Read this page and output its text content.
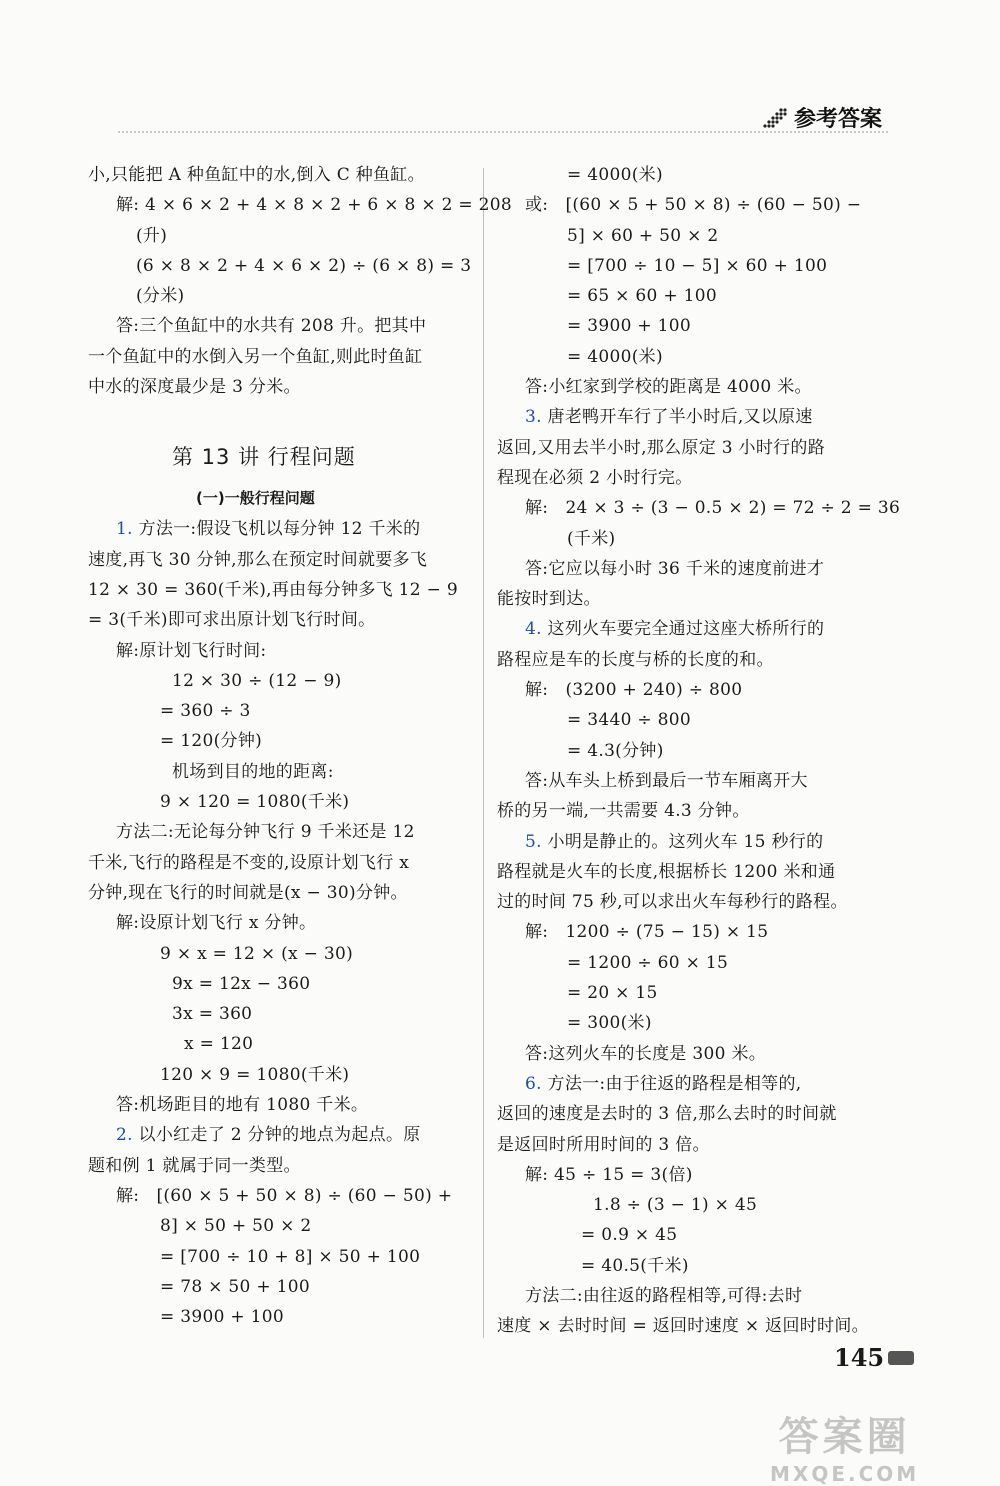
参考答案
小,只能把 A 种鱼缸中的水,倒入 C 种鱼缸。
解: 4 × 6 × 2 + 4 × 8 × 2 + 6 × 8 × 2 = 208
(升)
(6 × 8 × 2 + 4 × 6 × 2) ÷ (6 × 8) = 3
(分米)
答:三个鱼缸中的水共有 208 升。把其中
一个鱼缸中的水倒入另一个鱼缸,则此时鱼缸
中水的深度最少是 3 分米。
第 13 讲 行程问题
(一)一般行程问题
1. 方法一:假设飞机以每分钟 12 千米的
速度,再飞 30 分钟,那么在预定时间就要多飞
12 × 30 = 360(千米),再由每分钟多飞 12 − 9
= 3(千米)即可求出原计划飞行时间。
解:原计划飞行时间:
12 × 30 ÷ (12 − 9)
= 360 ÷ 3
= 120(分钟)
机场到目的地的距离:
9 × 120 = 1080(千米)
方法二:无论每分钟飞行 9 千米还是 12
千米,飞行的路程是不变的,设原计划飞行 x
分钟,现在飞行的时间就是(x − 30)分钟。
解:设原计划飞行 x 分钟。
9 × x = 12 × (x − 30)
9x = 12x − 360
3x = 360
x = 120
120 × 9 = 1080(千米)
答:机场距目的地有 1080 千米。
2. 以小红走了 2 分钟的地点为起点。原
题和例 1 就属于同一类型。
解:   [(60 × 5 + 50 × 8) ÷ (60 − 50) +
8] × 50 + 50 × 2
= [700 ÷ 10 + 8] × 50 + 100
= 78 × 50 + 100
= 3900 + 100
= 4000(米)
或:   [(60 × 5 + 50 × 8) ÷ (60 − 50) −
5] × 60 + 50 × 2
= [700 ÷ 10 − 5] × 60 + 100
= 65 × 60 + 100
= 3900 + 100
= 4000(米)
答:小红家到学校的距离是 4000 米。
3. 唐老鸭开车行了半小时后,又以原速
返回,又用去半小时,那么原定 3 小时行的路
程现在必须 2 小时行完。
解:   24 × 3 ÷ (3 − 0.5 × 2) = 72 ÷ 2 = 36
(千米)
答:它应以每小时 36 千米的速度前进才
能按时到达。
4. 这列火车要完全通过这座大桥所行的
路程应是车的长度与桥的长度的和。
解:   (3200 + 240) ÷ 800
= 3440 ÷ 800
= 4.3(分钟)
答:从车头上桥到最后一节车厢离开大
桥的另一端,一共需要 4.3 分钟。
5. 小明是静止的。这列火车 15 秒行的
路程就是火车的长度,根据桥长 1200 米和通
过的时间 75 秒,可以求出火车每秒行的路程。
解:   1200 ÷ (75 − 15) × 15
= 1200 ÷ 60 × 15
= 20 × 15
= 300(米)
答:这列火车的长度是 300 米。
6. 方法一:由于往返的路程是相等的,
返回的速度是去时的 3 倍,那么去时的时间就
是返回时所用时间的 3 倍。
解: 45 ÷ 15 = 3(倍)
1.8 ÷ (3 − 1) × 45
= 0.9 × 45
= 40.5(千米)
方法二:由往返的路程相等,可得:去时
速度 × 去时时间 = 返回时速度 × 返回时时间。
145
答案圈
MXQE.COM
